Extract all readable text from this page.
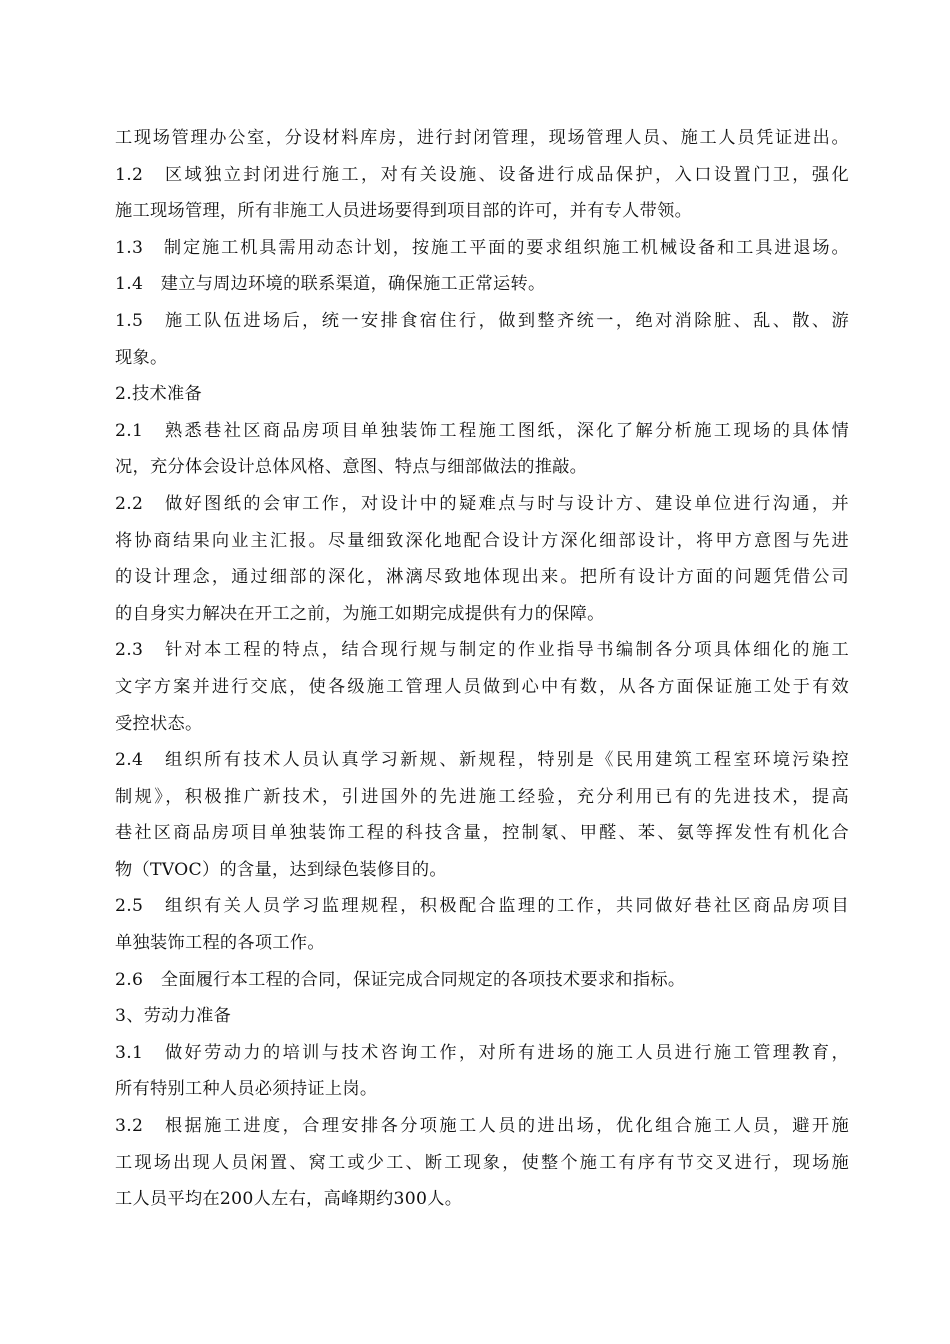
工现场管理办公室，分设材料库房，进行封闭管理，现场管理人员、施工人员凭证进出。
1.2　区域独立封闭进行施工，对有关设施、设备进行成品保护，入口设置门卫，强化
施工现场管理，所有非施工人员进场要得到项目部的许可，并有专人带领。
1.3　制定施工机具需用动态计划，按施工平面的要求组织施工机械设备和工具进退场。
1.4　建立与周边环境的联系渠道，确保施工正常运转。
1.5　施工队伍进场后，统一安排食宿住行，做到整齐统一，绝对消除脏、乱、散、游
现象。
2.技术准备
2.1　熟悉巷社区商品房项目单独装饰工程施工图纸，深化了解分析施工现场的具体情
况，充分体会设计总体风格、意图、特点与细部做法的推敲。
2.2　做好图纸的会审工作，对设计中的疑难点与时与设计方、建设单位进行沟通，并
将协商结果向业主汇报。尽量细致深化地配合设计方深化细部设计，将甲方意图与先进
的设计理念，通过细部的深化，淋漓尽致地体现出来。把所有设计方面的问题凭借公司
的自身实力解决在开工之前，为施工如期完成提供有力的保障。
2.3　针对本工程的特点，结合现行规与制定的作业指导书编制各分项具体细化的施工
文字方案并进行交底，使各级施工管理人员做到心中有数，从各方面保证施工处于有效
受控状态。
2.4　组织所有技术人员认真学习新规、新规程，特别是《民用建筑工程室环境污染控
制规》，积极推广新技术，引进国外的先进施工经验，充分利用已有的先进技术，提高
巷社区商品房项目单独装饰工程的科技含量，控制氡、甲醛、苯、氨等挥发性有机化合
物（TVOC）的含量，达到绿色装修目的。
2.5　组织有关人员学习监理规程，积极配合监理的工作，共同做好巷社区商品房项目
单独装饰工程的各项工作。
2.6　全面履行本工程的合同，保证完成合同规定的各项技术要求和指标。
3、劳动力准备
3.1　做好劳动力的培训与技术咨询工作，对所有进场的施工人员进行施工管理教育，
所有特别工种人员必须持证上岗。
3.2　根据施工进度，合理安排各分项施工人员的进出场，优化组合施工人员，避开施
工现场出现人员闲置、窝工或少工、断工现象，使整个施工有序有节交叉进行，现场施
工人员平均在200人左右，高峰期约300人。
